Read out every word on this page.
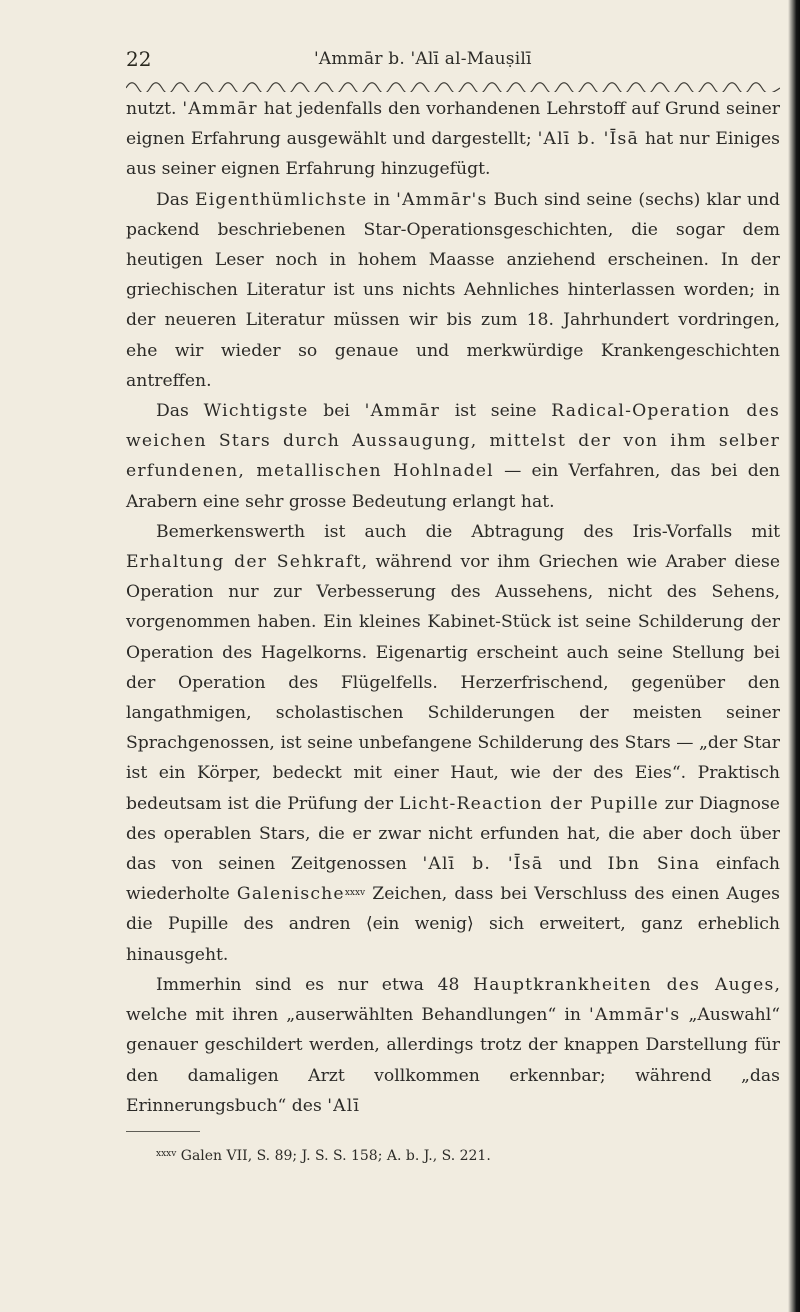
22	'Ammār b. 'Alī al-Mauṣilī

nutzt. 'Ammār hat jedenfalls den vorhandenen Lehrstoff auf Grund seiner eignen Erfahrung ausgewählt und dargestellt; 'Alī b. 'Īsā hat nur Einiges aus seiner eignen Erfahrung hinzugefügt.

Das Eigenthümlichste in 'Ammār's Buch sind seine (sechs) klar und packend beschriebenen Star-Operationsgeschichten, die sogar dem heutigen Leser noch in hohem Maasse anziehend erscheinen. In der griechischen Literatur ist uns nichts Aehnliches hinterlassen worden; in der neueren Literatur müssen wir bis zum 18. Jahrhundert vordringen, ehe wir wieder so genaue und merkwürdige Krankengeschichten antreffen.

Das Wichtigste bei 'Ammār ist seine Radical-Operation des weichen Stars durch Aussaugung, mittelst der von ihm selber erfundenen, metallischen Hohlnadel — ein Verfahren, das bei den Arabern eine sehr grosse Bedeutung erlangt hat.

Bemerkenswerth ist auch die Abtragung des Iris-Vorfalls mit Erhaltung der Sehkraft, während vor ihm Griechen wie Araber diese Operation nur zur Verbesserung des Aussehens, nicht des Sehens, vorgenommen haben. Ein kleines Kabinet-Stück ist seine Schilderung der Operation des Hagelkorns. Eigenartig erscheint auch seine Stellung bei der Operation des Flügelfells. Herzerfrischend, gegenüber den langathmigen, scholastischen Schilderungen der meisten seiner Sprachgenossen, ist seine unbefangene Schilderung des Stars — „der Star ist ein Körper, bedeckt mit einer Haut, wie der des Eies“. Praktisch bedeutsam ist die Prüfung der Licht-Reaction der Pupille zur Diagnose des operablen Stars, die er zwar nicht erfunden hat, die aber doch über das von seinen Zeitgenossen 'Alī b. 'Īsā und Ibn Sina einfach wiederholte Galenische$^{xxxv}$ Zeichen, dass bei Verschluss des einen Auges die Pupille des andren ⟨ein wenig⟩ sich erweitert, ganz erheblich hinausgeht.

Immerhin sind es nur etwa 48 Hauptkrankheiten des Auges, welche mit ihren „auserwählten Behandlungen“ in 'Ammār's „Auswahl“ genauer geschildert werden, allerdings trotz der knappen Darstellung für den damaligen Arzt vollkommen erkennbar; während „das Erinnerungsbuch“ des 'Alī

$^{xxxv}$ Galen VII, S. 89; J. S. S. 158; A. b. J., S. 221.
